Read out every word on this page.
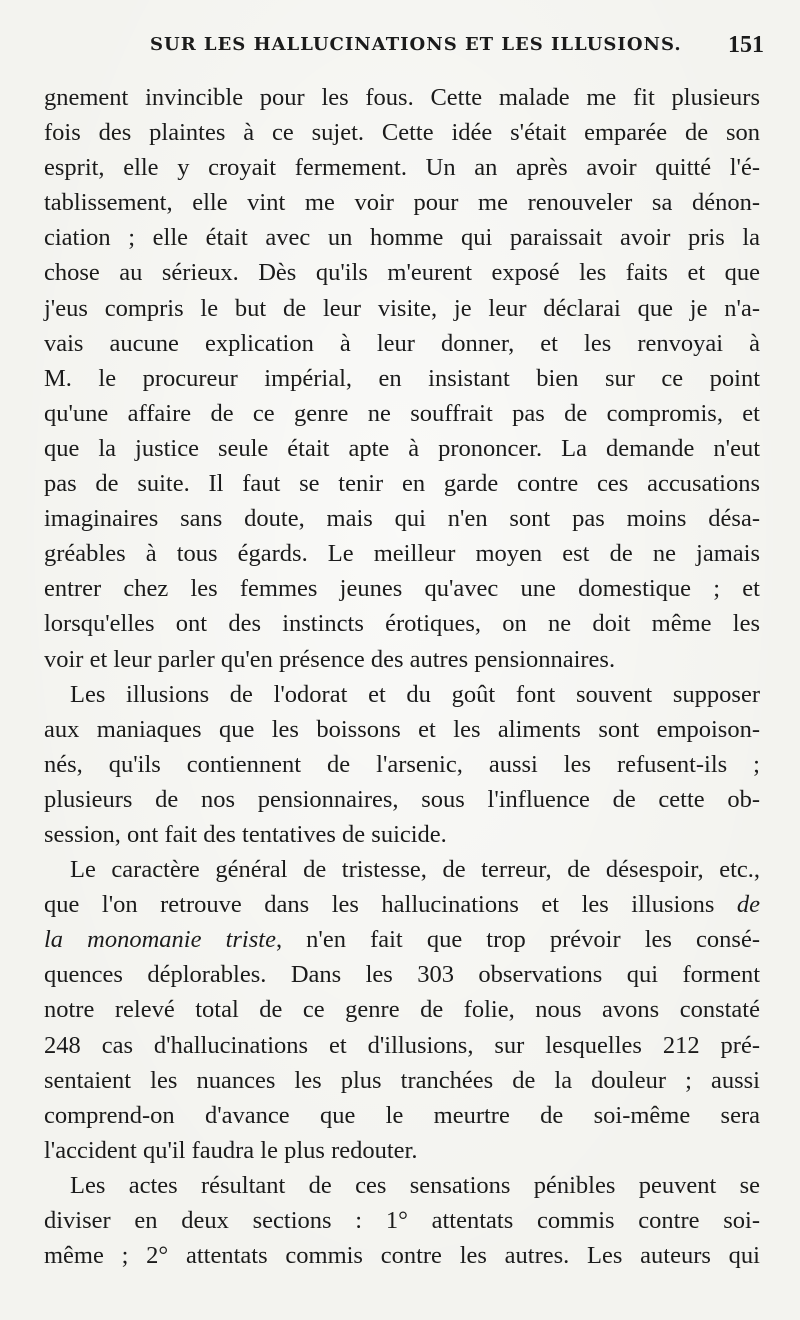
SUR LES HALLUCINATIONS ET LES ILLUSIONS. 151
gnement invincible pour les fous. Cette malade me fit plusieurs
fois des plaintes à ce sujet. Cette idée s'était emparée de son
esprit, elle y croyait fermement. Un an après avoir quitté l'é-
tablissement, elle vint me voir pour me renouveler sa dénon-
ciation ; elle était avec un homme qui paraissait avoir pris la
chose au sérieux. Dès qu'ils m'eurent exposé les faits et que
j'eus compris le but de leur visite, je leur déclarai que je n'a-
vais aucune explication à leur donner, et les renvoyai à
M. le procureur impérial, en insistant bien sur ce point
qu'une affaire de ce genre ne souffrait pas de compromis, et
que la justice seule était apte à prononcer. La demande n'eut
pas de suite. Il faut se tenir en garde contre ces accusations
imaginaires sans doute, mais qui n'en sont pas moins désa-
gréables à tous égards. Le meilleur moyen est de ne jamais
entrer chez les femmes jeunes qu'avec une domestique ; et
lorsqu'elles ont des instincts érotiques, on ne doit même les
voir et leur parler qu'en présence des autres pensionnaires.
Les illusions de l'odorat et du goût font souvent supposer
aux maniaques que les boissons et les aliments sont empoison-
nés, qu'ils contiennent de l'arsenic, aussi les refusent-ils ;
plusieurs de nos pensionnaires, sous l'influence de cette ob-
session, ont fait des tentatives de suicide.
Le caractère général de tristesse, de terreur, de désespoir, etc.,
que l'on retrouve dans les hallucinations et les illusions de
la monomanie triste, n'en fait que trop prévoir les consé-
quences déplorables. Dans les 303 observations qui forment
notre relevé total de ce genre de folie, nous avons constaté
248 cas d'hallucinations et d'illusions, sur lesquelles 212 pré-
sentaient les nuances les plus tranchées de la douleur ; aussi
comprend-on d'avance que le meurtre de soi-même sera
l'accident qu'il faudra le plus redouter.
Les actes résultant de ces sensations pénibles peuvent se
diviser en deux sections : 1° attentats commis contre soi-
même ; 2° attentats commis contre les autres. Les auteurs qui
